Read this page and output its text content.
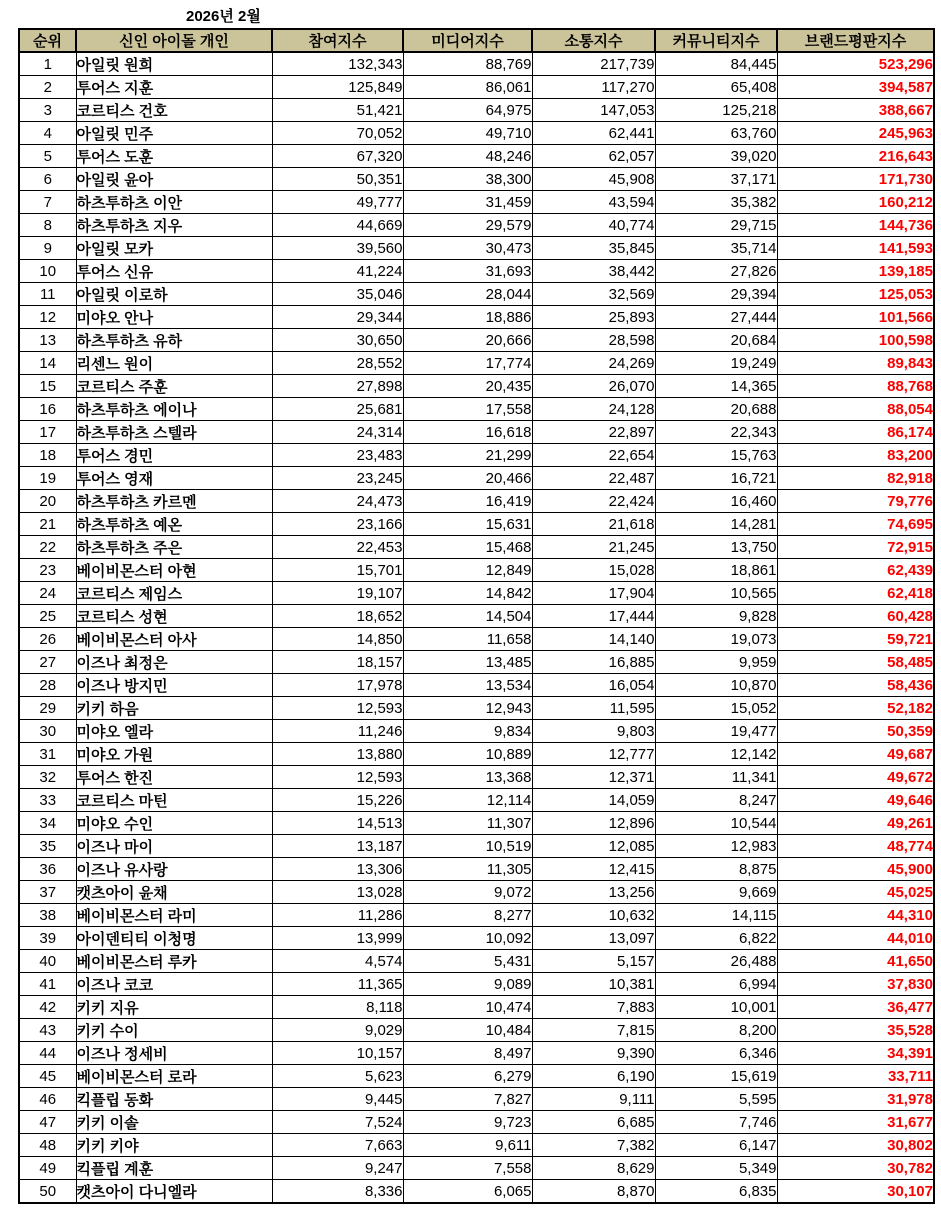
2026년 2월
순위	신인 아이돌 개인	참여지수	미디어지수	소통지수	커뮤니티지수	브랜드평판지수
1	아일릿 원희	132,343	88,769	217,739	84,445	523,296
2	투어스 지훈	125,849	86,061	117,270	65,408	394,587
3	코르티스 건호	51,421	64,975	147,053	125,218	388,667
4	아일릿 민주	70,052	49,710	62,441	63,760	245,963
5	투어스 도훈	67,320	48,246	62,057	39,020	216,643
6	아일릿 윤아	50,351	38,300	45,908	37,171	171,730
7	하츠투하츠 이안	49,777	31,459	43,594	35,382	160,212
8	하츠투하츠 지우	44,669	29,579	40,774	29,715	144,736
9	아일릿 모카	39,560	30,473	35,845	35,714	141,593
10	투어스 신유	41,224	31,693	38,442	27,826	139,185
11	아일릿 이로하	35,046	28,044	32,569	29,394	125,053
12	미야오 안나	29,344	18,886	25,893	27,444	101,566
13	하츠투하츠 유하	30,650	20,666	28,598	20,684	100,598
14	리센느 원이	28,552	17,774	24,269	19,249	89,843
15	코르티스 주훈	27,898	20,435	26,070	14,365	88,768
16	하츠투하츠 에이나	25,681	17,558	24,128	20,688	88,054
17	하츠투하츠 스텔라	24,314	16,618	22,897	22,343	86,174
18	투어스 경민	23,483	21,299	22,654	15,763	83,200
19	투어스 영재	23,245	20,466	22,487	16,721	82,918
20	하츠투하츠 카르멘	24,473	16,419	22,424	16,460	79,776
21	하츠투하츠 예온	23,166	15,631	21,618	14,281	74,695
22	하츠투하츠 주은	22,453	15,468	21,245	13,750	72,915
23	베이비몬스터 아현	15,701	12,849	15,028	18,861	62,439
24	코르티스 제임스	19,107	14,842	17,904	10,565	62,418
25	코르티스 성현	18,652	14,504	17,444	9,828	60,428
26	베이비몬스터 아사	14,850	11,658	14,140	19,073	59,721
27	이즈나 최정은	18,157	13,485	16,885	9,959	58,485
28	이즈나 방지민	17,978	13,534	16,054	10,870	58,436
29	키키 하음	12,593	12,943	11,595	15,052	52,182
30	미야오 엘라	11,246	9,834	9,803	19,477	50,359
31	미야오 가원	13,880	10,889	12,777	12,142	49,687
32	투어스 한진	12,593	13,368	12,371	11,341	49,672
33	코르티스 마틴	15,226	12,114	14,059	8,247	49,646
34	미야오 수인	14,513	11,307	12,896	10,544	49,261
35	이즈나 마이	13,187	10,519	12,085	12,983	48,774
36	이즈나 유사랑	13,306	11,305	12,415	8,875	45,900
37	캣츠아이 윤채	13,028	9,072	13,256	9,669	45,025
38	베이비몬스터 라미	11,286	8,277	10,632	14,115	44,310
39	아이덴티티 이청명	13,999	10,092	13,097	6,822	44,010
40	베이비몬스터 루카	4,574	5,431	5,157	26,488	41,650
41	이즈나 코코	11,365	9,089	10,381	6,994	37,830
42	키키 지유	8,118	10,474	7,883	10,001	36,477
43	키키 수이	9,029	10,484	7,815	8,200	35,528
44	이즈나 정세비	10,157	8,497	9,390	6,346	34,391
45	베이비몬스터 로라	5,623	6,279	6,190	15,619	33,711
46	킥플립 동화	9,445	7,827	9,111	5,595	31,978
47	키키 이솔	7,524	9,723	6,685	7,746	31,677
48	키키 키야	7,663	9,611	7,382	6,147	30,802
49	킥플립 계훈	9,247	7,558	8,629	5,349	30,782
50	캣츠아이 다니엘라	8,336	6,065	8,870	6,835	30,107
